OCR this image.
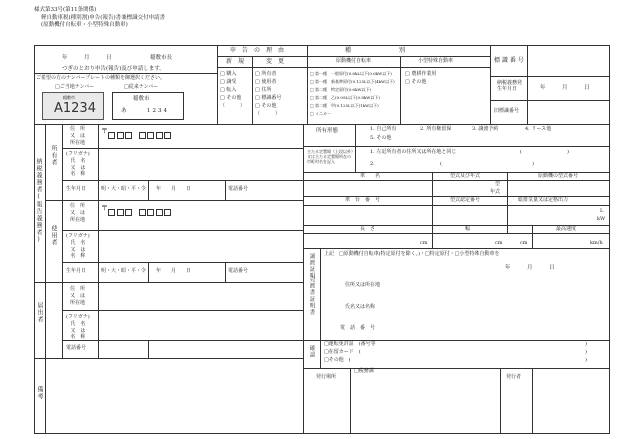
様式第33号(第11条関係)
軽自動車税(種別割)申告(報告)書兼標識交付申請書
(原動機付自転車・小型特殊自動車)
年　　　月　　　日	稲敷市長
つぎのとおり申告(報告)及び申請します。
申　告　の　理　由
新　規	変　更
種　　　　　　　　別
原動機付自転車	小型特殊自動車
□ 購入
□ 譲受
□ 転入
□ その他
（　　　）
□ 所有者
□ 使用者
□ 住所
□ 標識番号
□ その他
（　　　）
□ 第一種　一般原付(0.6kL以下|0.6kW以下)
□ 第一種　新基準原付(0.125L以下|4kW以下)
□ 第二種　特定原付(0.6kW以下)
□ 第二種　乙(0.09L以下|0.8kW以下)
□ 第二種　甲(0.125L以下|1kW以下)
□ ミニカー
□ 農耕作業用
□ その他
標 識 番 号
納税義務発生年月日	年　　　月　　　日
旧標識番号
ご希望の方のナンバープレートの種類を御選択ください。
□ご当地ナンバー	□従来ナンバー
稲敷市
A1234
稲敷市
あ	1234
納税義務者(報告義務者)
所有者
使用者
届出者
備考
住　所
又　は
所在地
〒

(フリガナ)
氏　名
又　は
名　称
生年月日	明・大・昭・平・令　　年　　月　　日	電話番号
住　所
又　は
所在地
〒

(フリガナ)
氏　名
又　は
名　称
生年月日	明・大・昭・平・令　　年　　月　　日	電話番号
住　所
又　は
所在地
(フリガナ)
氏　名
又　は
名　称
電話番号
所有形態	1. 自己所有	2. 所有権留保	3. 譲渡予約	4. リース他
5. その他
主たる定置場（上段以外）又は主たる定置場所在の市町村名を記入
1. 左記所有者の住所又は所在地と同じ	(　　　　　　　　　)
2.	(　　　　　　　　　　　　　　　　　　)
車　　名	型式及び年式	原動機の型式番号
型
年式
車　台　番　号	型式認定番号	総排気量又は定格出力
L
kW
長　さ	幅	最高速度
cm	cm	cm	km/h
譲渡証明
売渡書
証明書
上記　□原動機付自転車(特定原付を除く。)・□特定原付・□小型特殊自動車を
年　　　月　　　日
住所又は所在地
氏名又は名称
電　話　番　号
確認
□運転免許証　(番号等
□在留カード　(
□その他　(
)
)
)
発行場所
□税務課
発行者
